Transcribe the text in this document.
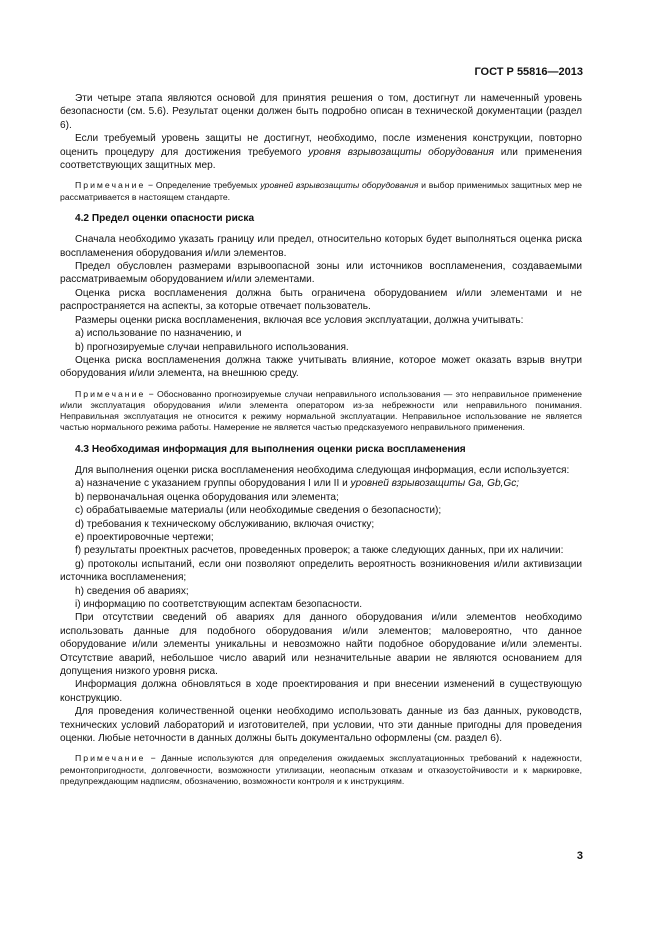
ГОСТ Р 55816—2013
Эти четыре этапа являются основой для принятия решения о том, достигнут ли намеченный уровень безопасности (см. 5.6). Результат оценки должен быть подробно описан в технической документации (раздел 6).
Если требуемый уровень защиты не достигнут, необходимо, после изменения конструкции, повторно оценить процедуру для достижения требуемого уровня взрывозащиты оборудования или применения соответствующих защитных мер.
Примечание − Определение требуемых уровней взрывозащиты оборудования и выбор применимых защитных мер не рассматривается в настоящем стандарте.
4.2 Предел оценки опасности риска
Сначала необходимо указать границу или предел, относительно которых будет выполняться оценка риска воспламенения оборудования и/или элементов.
Предел обусловлен размерами взрывоопасной зоны или источников воспламенения, создаваемыми рассматриваемым оборудованием и/или элементами.
Оценка риска воспламенения должна быть ограничена оборудованием и/или элементами и не распространяется на аспекты, за которые отвечает пользователь.
Размеры оценки риска воспламенения, включая все условия эксплуатации, должна учитывать:
a) использование по назначению, и
b) прогнозируемые случаи неправильного использования.
Оценка риска воспламенения должна также учитывать влияние, которое может оказать взрыв внутри оборудования и/или элемента, на внешнюю среду.
Примечание − Обоснованно прогнозируемые случаи неправильного использования — это неправильное применение и/или эксплуатация оборудования и/или элемента оператором из-за небрежности или неправильного понимания. Неправильная эксплуатация не относится к режиму нормальной эксплуатации. Неправильное использование не является частью нормального режима работы. Намерение не является частью предсказуемого неправильного применения.
4.3 Необходимая информация для выполнения оценки риска воспламенения
Для выполнения оценки риска воспламенения необходима следующая информация, если используется:
a) назначение с указанием группы оборудования I или II и уровней взрывозащиты Ga, Gb,Gc;
b) первоначальная оценка оборудования или элемента;
c) обрабатываемые материалы (или необходимые сведения о безопасности);
d) требования к техническому обслуживанию, включая очистку;
e) проектировочные чертежи;
f) результаты проектных расчетов, проведенных проверок; а также следующих данных, при их наличии:
g) протоколы испытаний, если они позволяют определить вероятность возникновения и/или активизации источника воспламенения;
h) сведения об авариях;
i) информацию по соответствующим аспектам безопасности.
При отсутствии сведений об авариях для данного оборудования и/или элементов необходимо использовать данные для подобного оборудования и/или элементов; маловероятно, что данное оборудование и/или элементы уникальны и невозможно найти подобное оборудование и/или элементы. Отсутствие аварий, небольшое число аварий или незначительные аварии не являются основанием для допущения низкого уровня риска.
Информация должна обновляться в ходе проектирования и при внесении изменений в существующую конструкцию.
Для проведения количественной оценки необходимо использовать данные из баз данных, руководств, технических условий лабораторий и изготовителей, при условии, что эти данные пригодны для проведения оценки. Любые неточности в данных должны быть документально оформлены (см. раздел 6).
Примечание − Данные используются для определения ожидаемых эксплуатационных требований к надежности, ремонтопригодности, долговечности, возможности утилизации, неопасным отказам и отказоустойчивости и к маркировке, предупреждающим надписям, обозначению, возможности контроля и к инструкциям.
3
